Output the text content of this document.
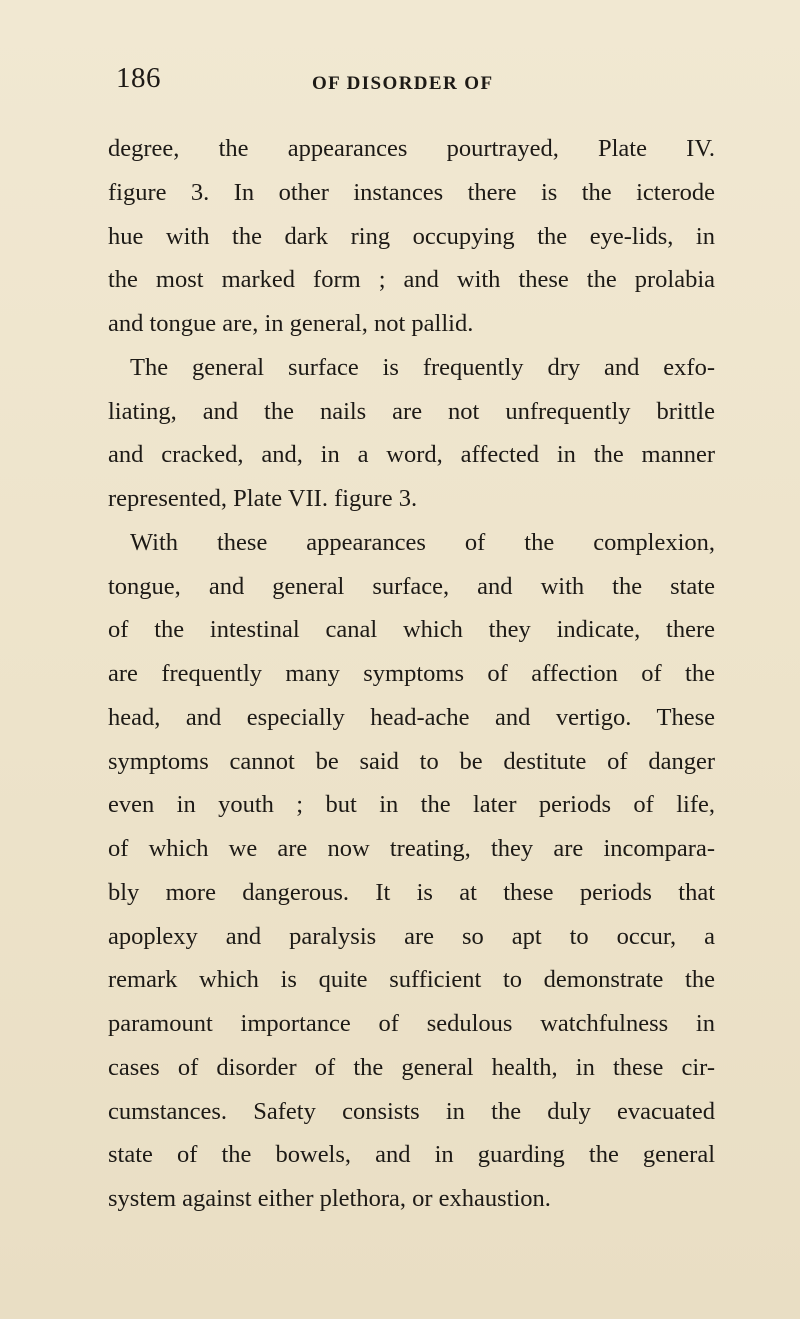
186	OF DISORDER OF
degree, the appearances pourtrayed, Plate IV.
figure 3. In other instances there is the icterode
hue with the dark ring occupying the eye-lids, in
the most marked form ; and with these the prolabia
and tongue are, in general, not pallid.
The general surface is frequently dry and exfo-
liating, and the nails are not unfrequently brittle
and cracked, and, in a word, affected in the manner
represented, Plate VII. figure 3.
With these appearances of the complexion,
tongue, and general surface, and with the state
of the intestinal canal which they indicate, there
are frequently many symptoms of affection of the
head, and especially head-ache and vertigo. These
symptoms cannot be said to be destitute of danger
even in youth ; but in the later periods of life,
of which we are now treating, they are incompara-
bly more dangerous. It is at these periods that
apoplexy and paralysis are so apt to occur, a
remark which is quite sufficient to demonstrate the
paramount importance of sedulous watchfulness in
cases of disorder of the general health, in these cir-
cumstances. Safety consists in the duly evacuated
state of the bowels, and in guarding the general
system against either plethora, or exhaustion.
